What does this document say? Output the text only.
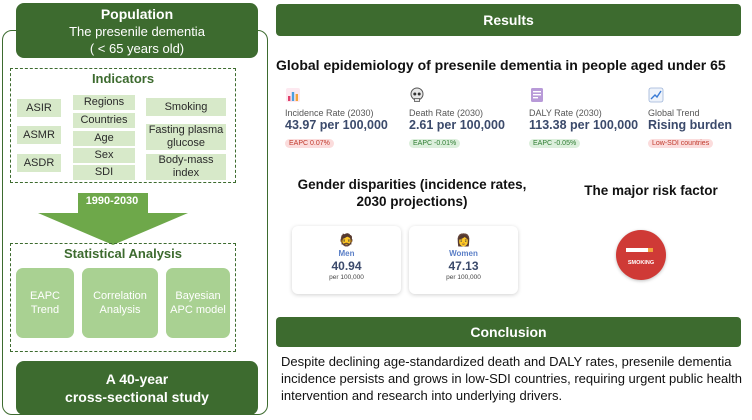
Population
The presenile dementia
( < 65 years old)
Indicators
ASIR
ASMR
ASDR
Regions
Countries
Age
Sex
SDI
Smoking
Fasting plasma glucose
Body-mass index
1990-2030
Statistical Analysis
EAPC Trend
Correlation Analysis
Bayesian APC model
A 40-year
cross-sectional study
Results
Global epidemiology of presenile dementia in people aged under 65
Incidence Rate (2030)
43.97 per 100,000
EAPC 0.07%
Death Rate (2030)
2.61 per 100,000
EAPC -0.01%
DALY Rate (2030)
113.38 per 100,000
EAPC -0.05%
Global Trend
Rising burden
Low-SDI countries
Gender disparities (incidence rates, 2030 projections)
The major risk factor
🧔
Men
40.94
per 100,000
👩
Women
47.13
per 100,000
SMOKING
Conclusion
Despite declining age-standardized death and DALY rates, presenile dementia incidence persists and grows in low-SDI countries, requiring urgent public health intervention and research into underlying drivers.
